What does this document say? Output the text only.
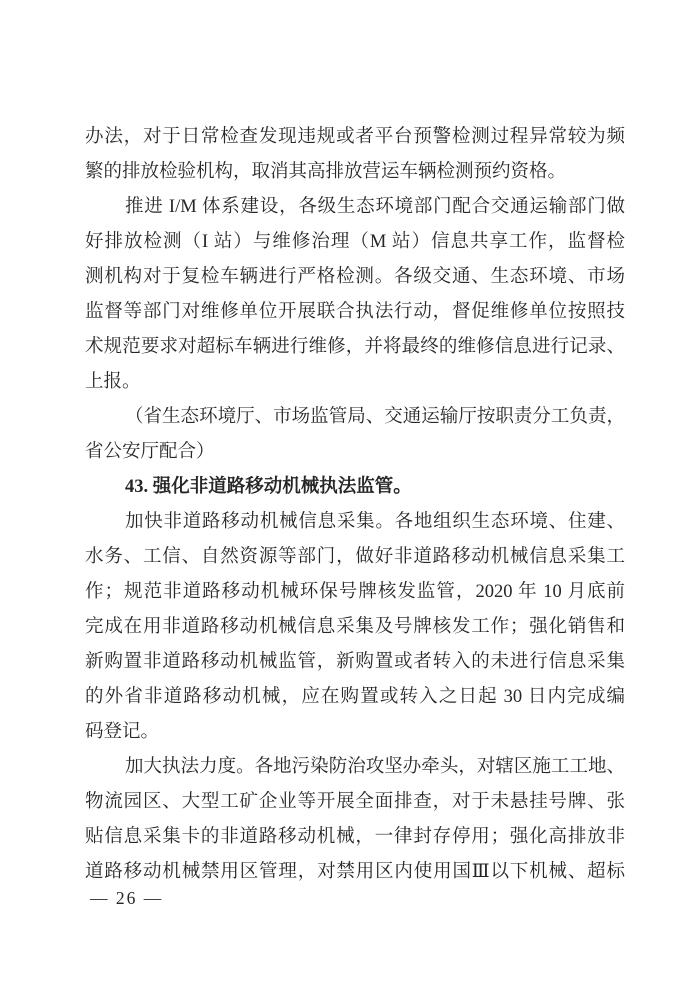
办法，对于日常检查发现违规或者平台预警检测过程异常较为频
繁的排放检验机构，取消其高排放营运车辆检测预约资格。
推进 I/M 体系建设，各级生态环境部门配合交通运输部门做
好排放检测（I 站）与维修治理（M 站）信息共享工作，监督检
测机构对于复检车辆进行严格检测。各级交通、生态环境、市场
监督等部门对维修单位开展联合执法行动，督促维修单位按照技
术规范要求对超标车辆进行维修，并将最终的维修信息进行记录、
上报。
（省生态环境厅、市场监管局、交通运输厅按职责分工负责，
省公安厅配合）
43. 强化非道路移动机械执法监管。
加快非道路移动机械信息采集。各地组织生态环境、住建、
水务、工信、自然资源等部门，做好非道路移动机械信息采集工
作；规范非道路移动机械环保号牌核发监管，2020 年 10 月底前
完成在用非道路移动机械信息采集及号牌核发工作；强化销售和
新购置非道路移动机械监管，新购置或者转入的未进行信息采集
的外省非道路移动机械，应在购置或转入之日起 30 日内完成编
码登记。
加大执法力度。各地污染防治攻坚办牵头，对辖区施工工地、
物流园区、大型工矿企业等开展全面排查，对于未悬挂号牌、张
贴信息采集卡的非道路移动机械，一律封存停用；强化高排放非
道路移动机械禁用区管理，对禁用区内使用国Ⅲ以下机械、超标
— 26 —
